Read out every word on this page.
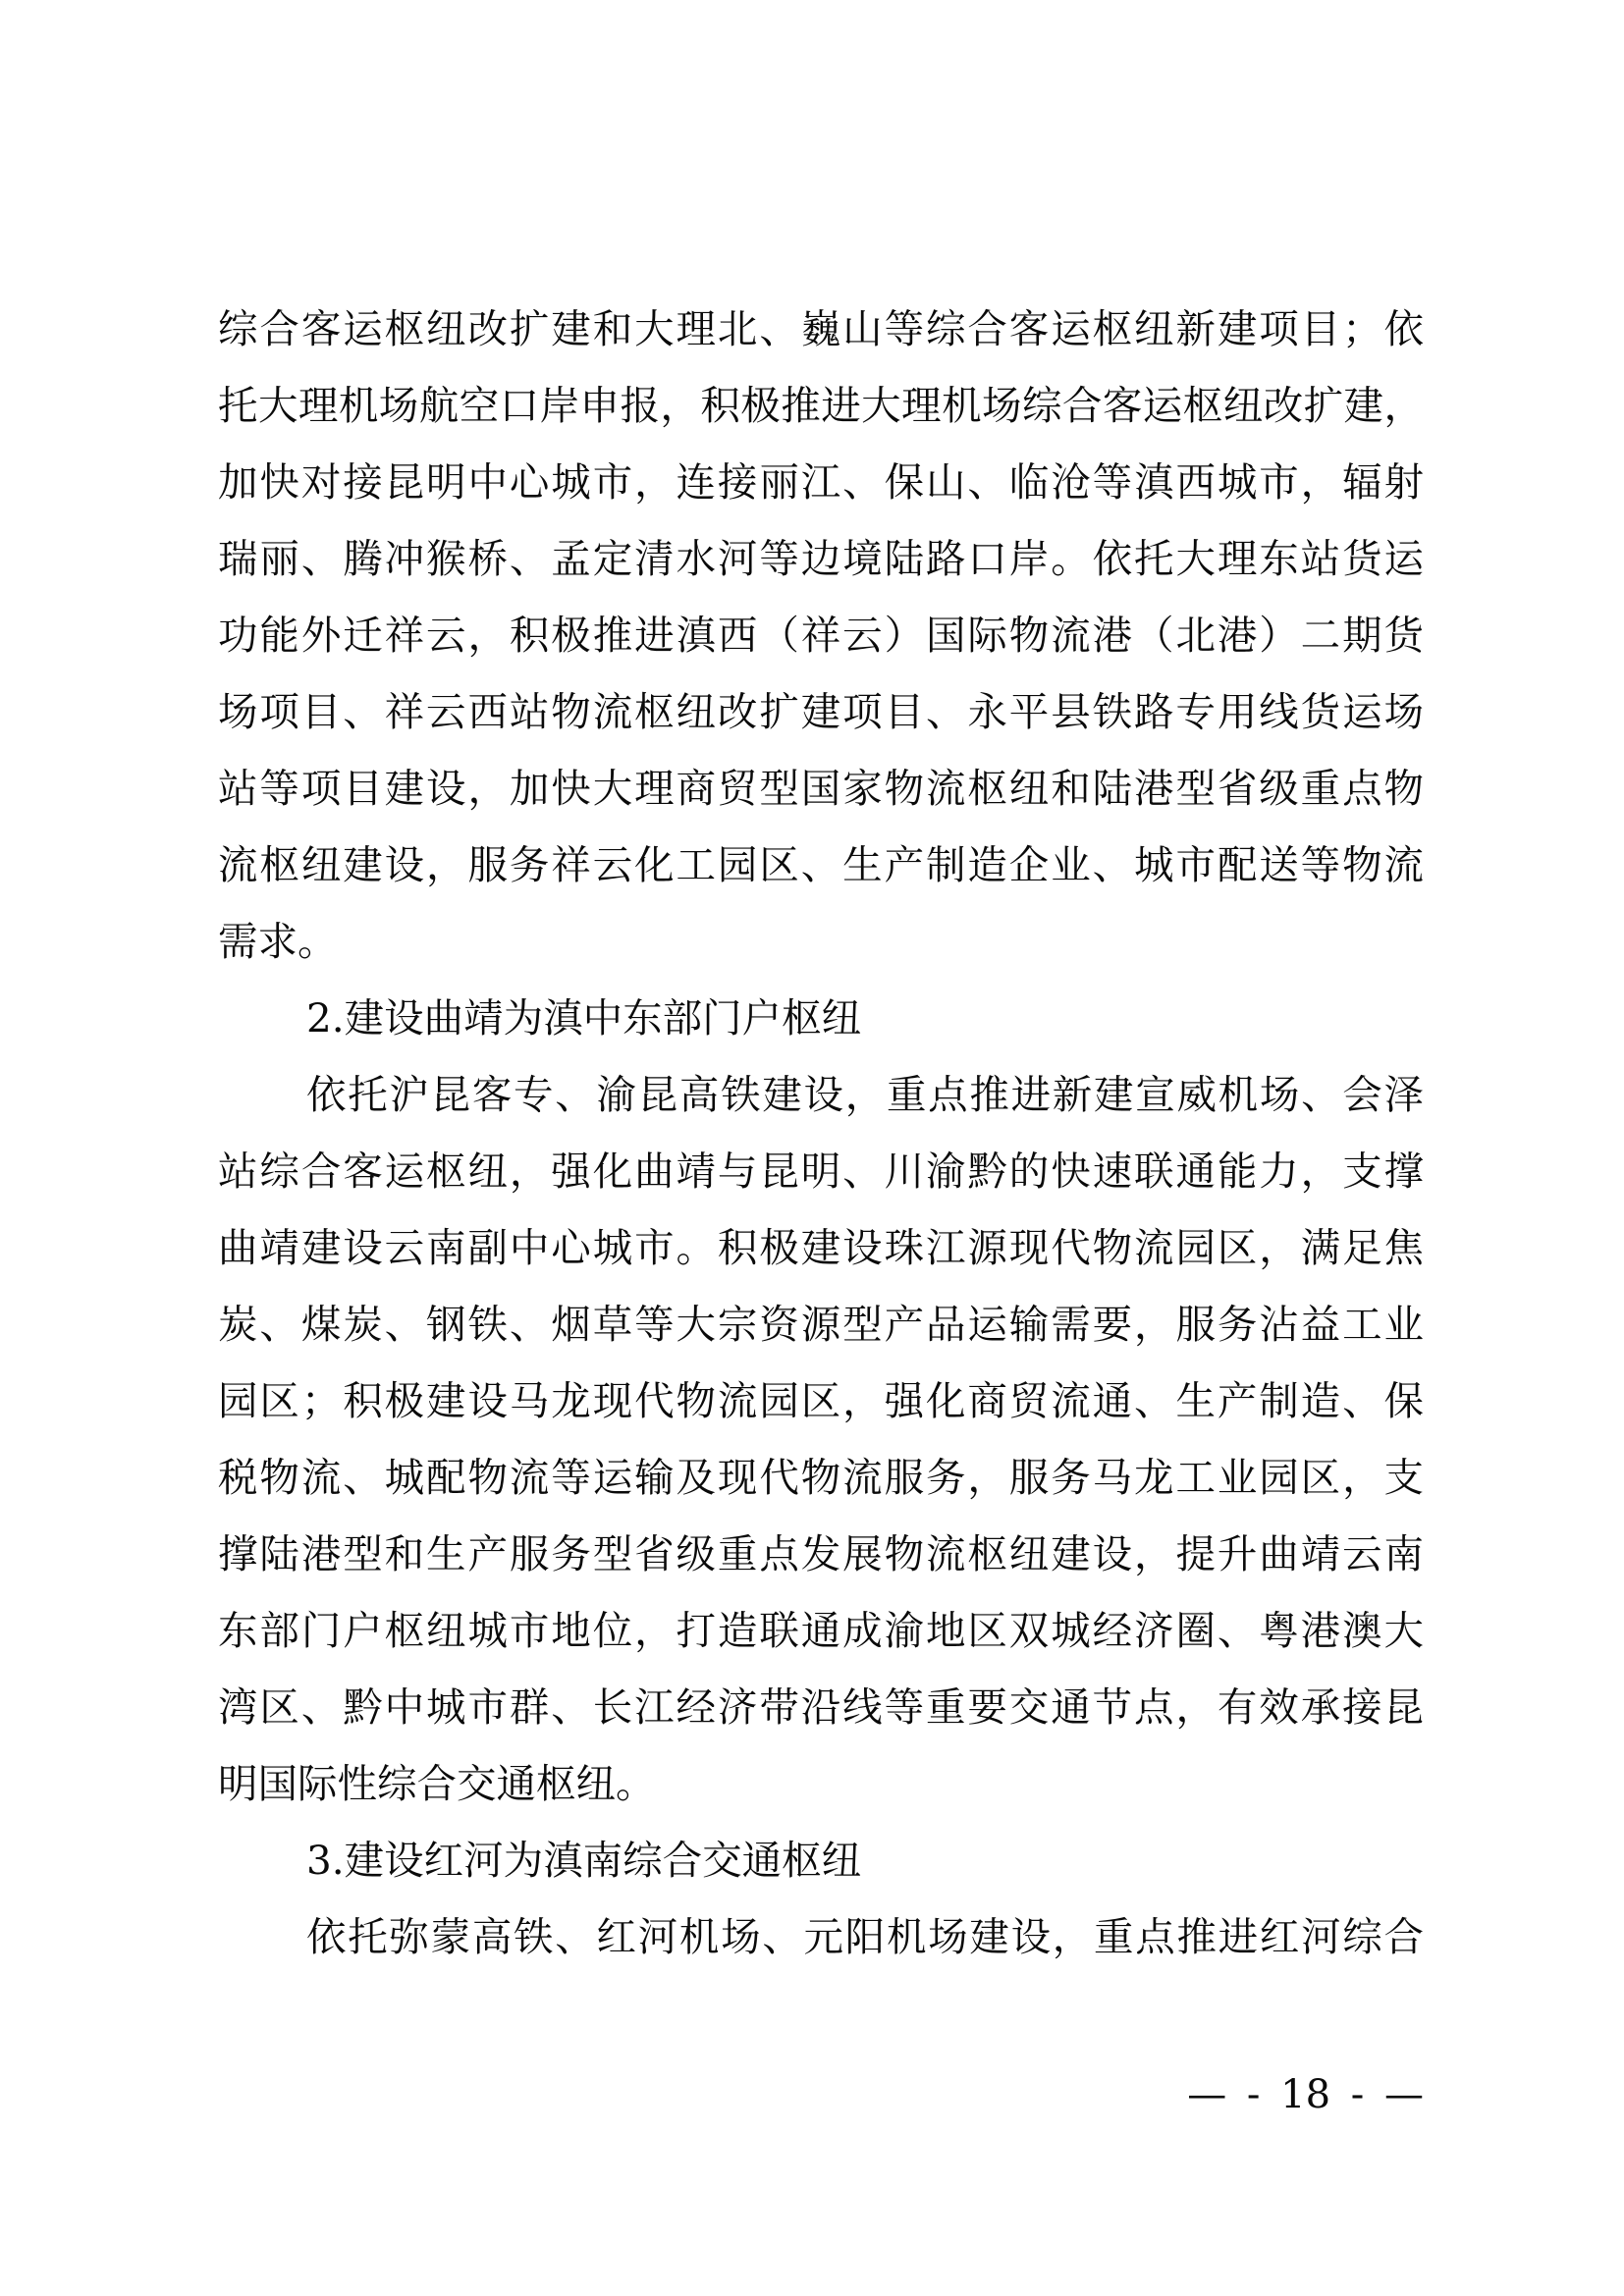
综合客运枢纽改扩建和大理北、巍山等综合客运枢纽新建项目；依
托大理机场航空口岸申报，积极推进大理机场综合客运枢纽改扩建，
加快对接昆明中心城市，连接丽江、保山、临沧等滇西城市，辐射
瑞丽、腾冲猴桥、孟定清水河等边境陆路口岸。依托大理东站货运
功能外迁祥云，积极推进滇西（祥云）国际物流港（北港）二期货
场项目、祥云西站物流枢纽改扩建项目、永平县铁路专用线货运场
站等项目建设，加快大理商贸型国家物流枢纽和陆港型省级重点物
流枢纽建设，服务祥云化工园区、生产制造企业、城市配送等物流
需求。
2.建设曲靖为滇中东部门户枢纽
依托沪昆客专、渝昆高铁建设，重点推进新建宣威机场、会泽
站综合客运枢纽，强化曲靖与昆明、川渝黔的快速联通能力，支撑
曲靖建设云南副中心城市。积极建设珠江源现代物流园区，满足焦
炭、煤炭、钢铁、烟草等大宗资源型产品运输需要，服务沾益工业
园区；积极建设马龙现代物流园区，强化商贸流通、生产制造、保
税物流、城配物流等运输及现代物流服务，服务马龙工业园区，支
撑陆港型和生产服务型省级重点发展物流枢纽建设，提升曲靖云南
东部门户枢纽城市地位，打造联通成渝地区双城经济圈、粤港澳大
湾区、黔中城市群、长江经济带沿线等重要交通节点，有效承接昆
明国际性综合交通枢纽。
3.建设红河为滇南综合交通枢纽
依托弥蒙高铁、红河机场、元阳机场建设，重点推进红河综合

— - 18 - —
